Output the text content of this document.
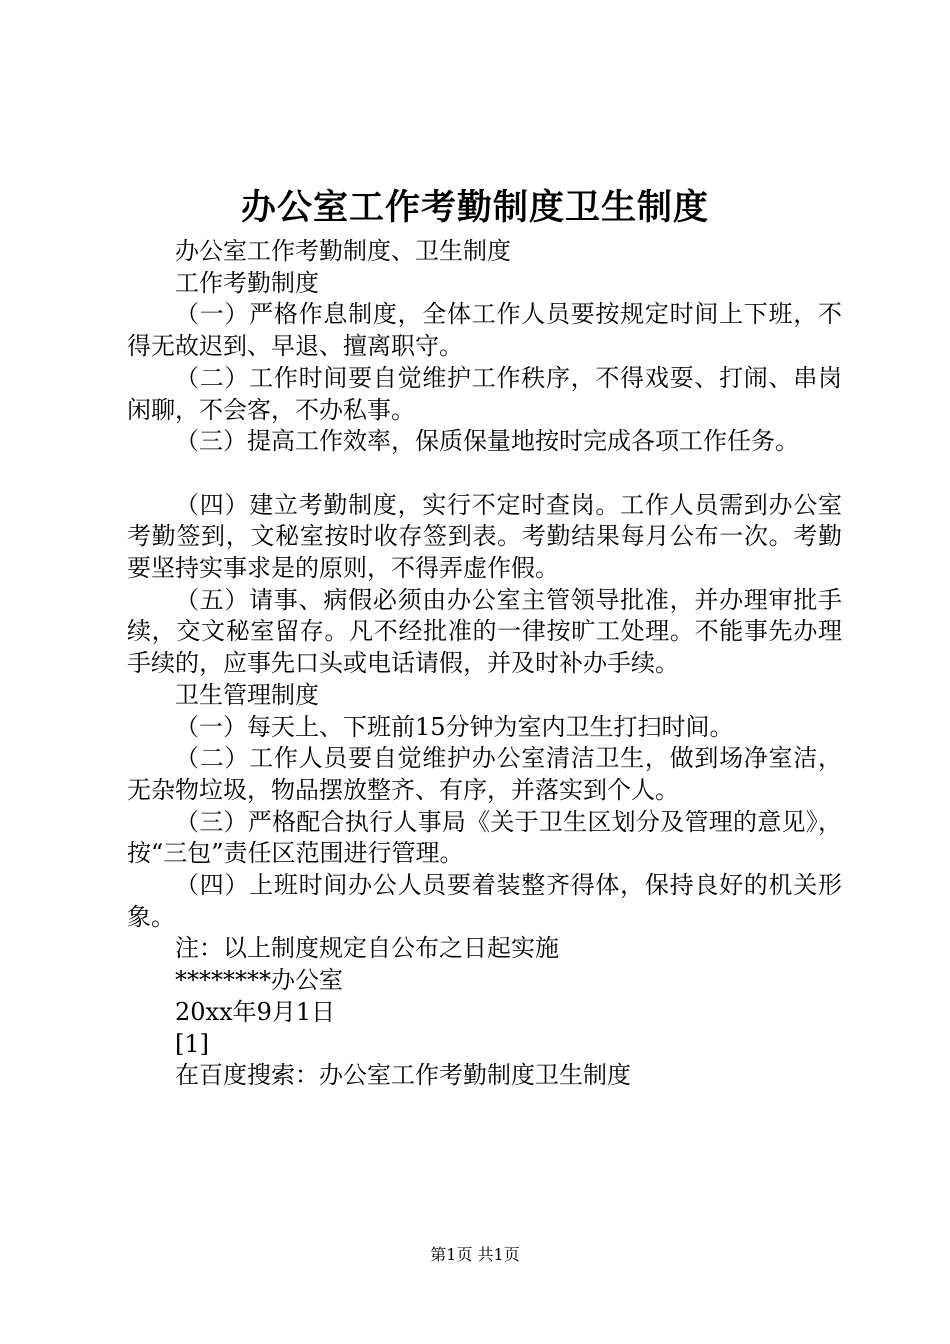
办公室工作考勤制度卫生制度

办公室工作考勤制度、卫生制度

工作考勤制度

（一）严格作息制度，全体工作人员要按规定时间上下班，不得无故迟到、早退、擅离职守。

（二）工作时间要自觉维护工作秩序，不得戏耍、打闹、串岗闲聊，不会客，不办私事。

（三）提高工作效率，保质保量地按时完成各项工作任务。

（四）建立考勤制度，实行不定时查岗。工作人员需到办公室考勤签到，文秘室按时收存签到表。考勤结果每月公布一次。考勤要坚持实事求是的原则，不得弄虚作假。

（五）请事、病假必须由办公室主管领导批准，并办理审批手续，交文秘室留存。凡不经批准的一律按旷工处理。不能事先办理手续的，应事先口头或电话请假，并及时补办手续。

卫生管理制度

（一）每天上、下班前15分钟为室内卫生打扫时间。

（二）工作人员要自觉维护办公室清洁卫生，做到场净室洁，无杂物垃圾，物品摆放整齐、有序，并落实到个人。

（三）严格配合执行人事局《关于卫生区划分及管理的意见》，按“三包”责任区范围进行管理。

（四）上班时间办公人员要着装整齐得体，保持良好的机关形象。

注：以上制度规定自公布之日起实施

********办公室

20xx年9月1日

[1]

在百度搜索：办公室工作考勤制度卫生制度

第1页 共1页
